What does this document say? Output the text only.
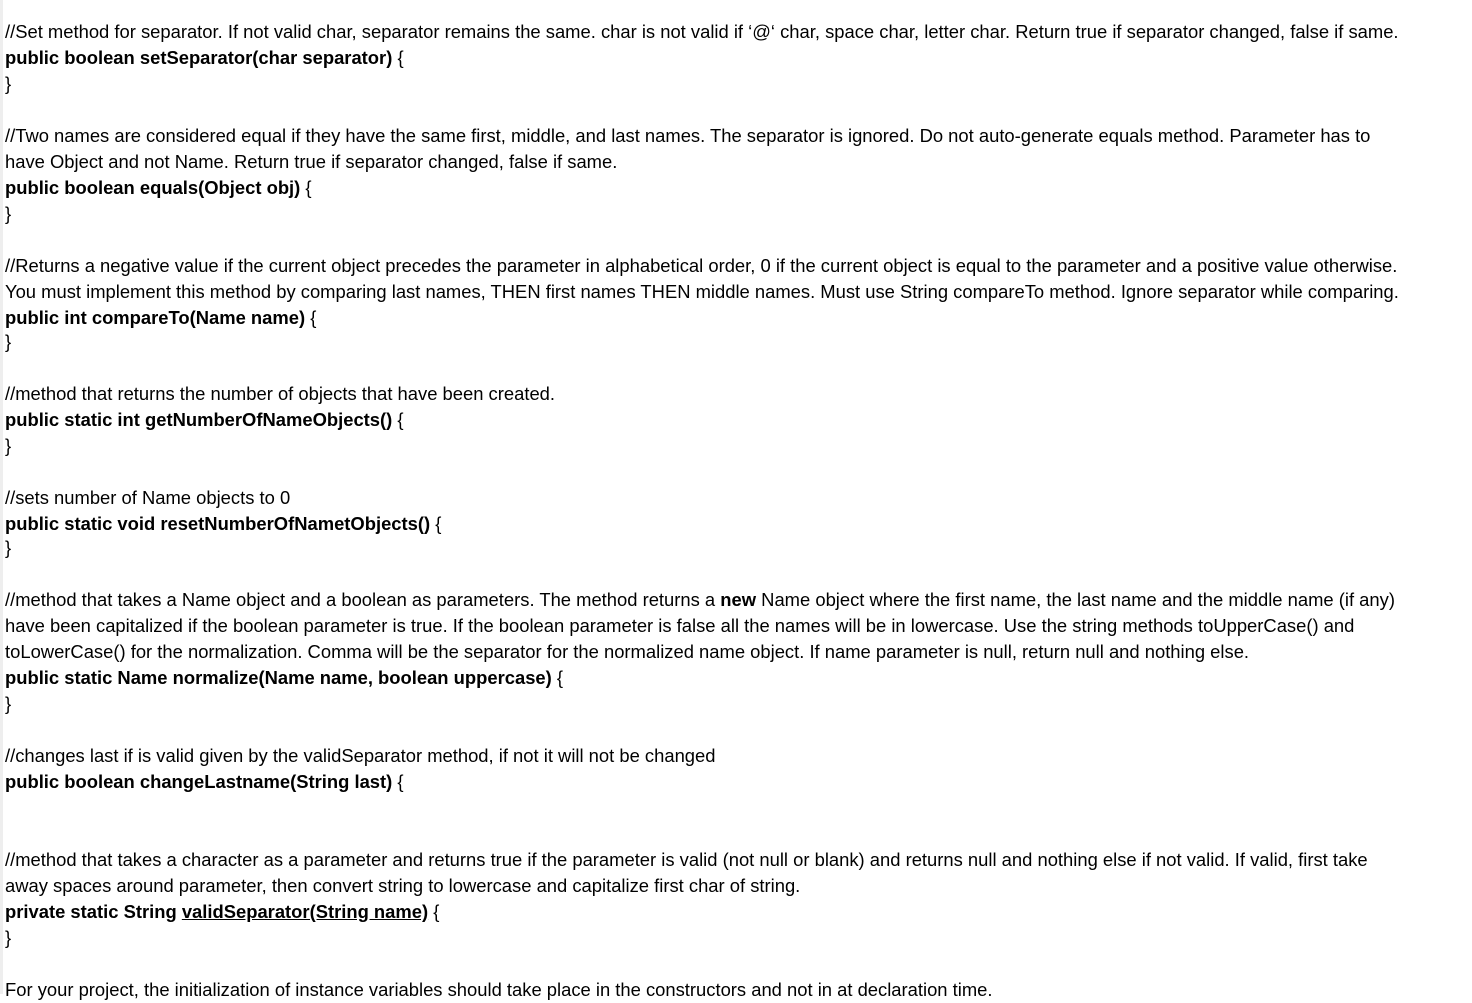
//Set method for separator. If not valid char, separator remains the same. char is not valid if ‘@‘ char, space char, letter char. Return true if separator changed, false if same.
public boolean setSeparator(char separator) {
}
//Two names are considered equal if they have the same first, middle, and last names. The separator is ignored. Do not auto-generate equals method. Parameter has to
have Object and not Name. Return true if separator changed, false if same.
public boolean equals(Object obj) {
}
//Returns a negative value if the current object precedes the parameter in alphabetical order, 0 if the current object is equal to the parameter and a positive value otherwise.
You must implement this method by comparing last names, THEN first names THEN middle names. Must use String compareTo method. Ignore separator while comparing.
public int compareTo(Name name) {
}
//method that returns the number of objects that have been created.
public static int getNumberOfNameObjects() {
}
//sets number of Name objects to 0
public static void resetNumberOfNametObjects() {
}
//method that takes a Name object and a boolean as parameters. The method returns a new Name object where the first name, the last name and the middle name (if any)
have been capitalized if the boolean parameter is true. If the boolean parameter is false all the names will be in lowercase. Use the string methods toUpperCase() and
toLowerCase() for the normalization. Comma will be the separator for the normalized name object. If name parameter is null, return null and nothing else.
public static Name normalize(Name name, boolean uppercase) {
}
//changes last if is valid given by the validSeparator method, if not it will not be changed
public boolean changeLastname(String last) {
//method that takes a character as a parameter and returns true if the parameter is valid (not null or blank) and returns null and nothing else if not valid. If valid, first take
away spaces around parameter, then convert string to lowercase and capitalize first char of string.
private static String validSeparator(String name) {
}
For your project, the initialization of instance variables should take place in the constructors and not in at declaration time.
